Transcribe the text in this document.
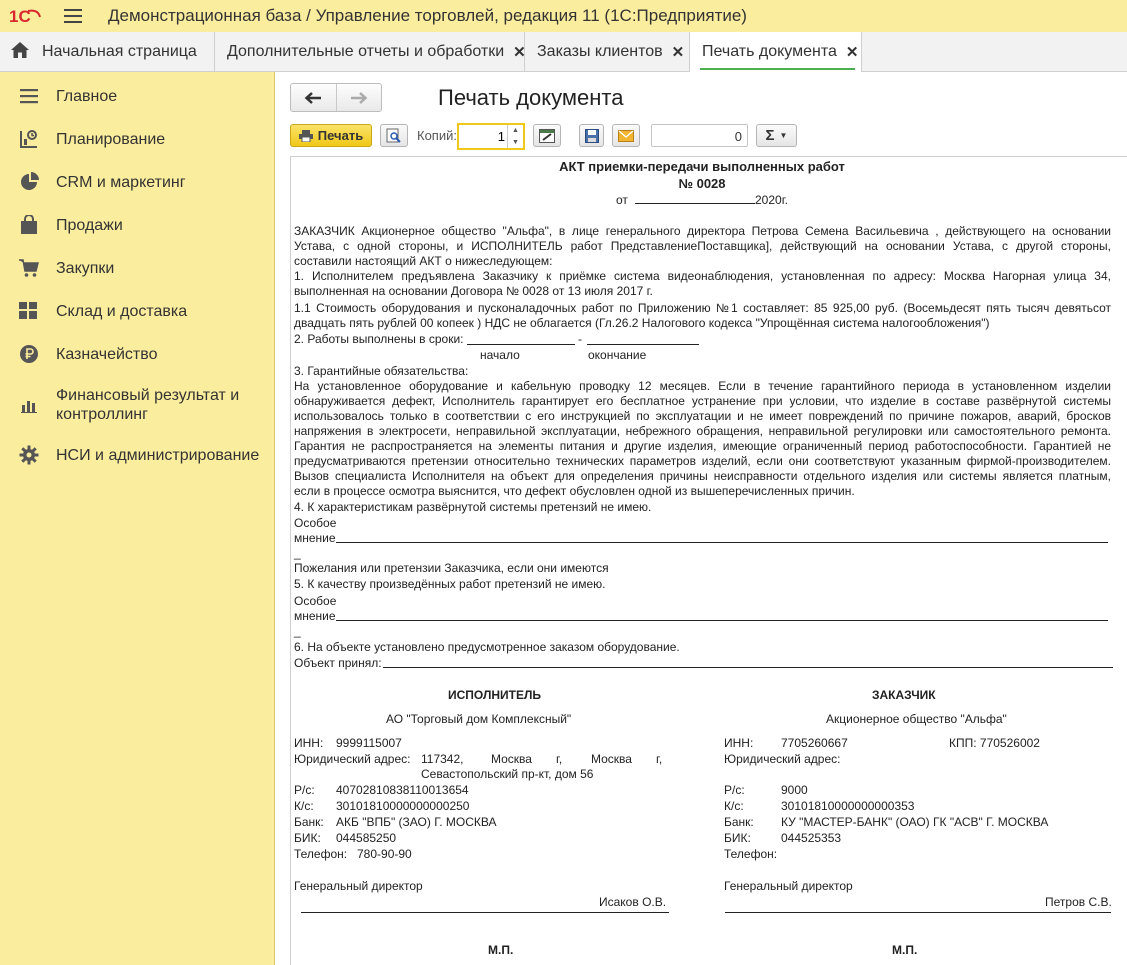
1С	Демонстрационная база / Управление торговлей, редакция 11 (1С:Предприятие)
Начальная страница Дополнительные отчеты и обработки ✕ Заказы клиентов ✕ Печать документа ✕
Главное
Планирование
CRM и маркетинг
Продажи
Закупки
Склад и доставка
Казначейство
Финансовый результат и
контроллинг
НСИ и администрирование
Печать документа
Печать	Копий:
1	▲
▼	0	Σ ▼
АКТ приемки-передачи выполненных работ
№ 0028
от	2020г.
ЗАКАЗЧИК Акционерное общество "Альфа", в лице генерального директора Петрова Семена Васильевича , действующего на основании
Устава, с одной стороны, и ИСПОЛНИТЕЛЬ работ ПредставлениеПоставщика], действующий на основании Устава, с другой стороны,
составили настоящий АКТ о нижеследующем:
1. Исполнителем предъявлена Заказчику к приёмке система видеонаблюдения, установленная по адресу: Москва Нагорная улица 34,
выполненная на основании Договора № 0028 от 13 июля 2017 г.
1.1 Стоимость оборудования и пусконаладочных работ по Приложению №1 составляет: 85 925,00 руб. (Восемьдесят пять тысяч девятьсот
двадцать пять рублей 00 копеек ) НДС не облагается (Гл.26.2 Налогового кодекса "Упрощённая система налогообложения")
2. Работы выполнены в сроки:	-
начало	окончание
3. Гарантийные обязательства:
На установленное оборудование и кабельную проводку 12 месяцев. Если в течение гарантийного периода в установленном изделии
обнаруживается дефект, Исполнитель гарантирует его бесплатное устранение при условии, что изделие в составе развёрнутой системы
использовалось только в соответствии с его инструкцией по эксплуатации и не имеет повреждений по причине пожаров, аварий, бросков
напряжения в электросети, неправильной эксплуатации, небрежного обращения, неправильной регулировки или самостоятельного ремонта.
Гарантия не распространяется на элементы питания и другие изделия, имеющие ограниченный период работоспособности. Гарантией не
предусматриваются претензии относительно технических параметров изделий, если они соответствуют указанным фирмой-производителем.
Вызов специалиста Исполнителя на объект для определения причины неисправности отдельного изделия или системы является платным,
если в процессе осмотра выяснится, что дефект обусловлен одной из вышеперечисленных причин.
4. К характеристикам развёрнутой системы претензий не имею.
Особое
мнение
_
Пожелания или претензии Заказчика, если они имеются
5. К качеству произведённых работ претензий не имею.
Особое
мнение
_
6. На объекте установлено предусмотренное заказом оборудование.
Объект принял:
ИСПОЛНИТЕЛЬ
АО "Торговый дом Комплексный"
ИНН: 9999115007
Юридический адрес: 117342, Москва г, Москва г,
Севастопольский пр-кт, дом 56
Р/с: 40702810838110013654
К/с: 30101810000000000250
Банк: АКБ "ВПБ" (ЗАО) Г. МОСКВА
БИК: 044585250
Телефон: 780-90-90
Генеральный директор
Исаков О.В.
М.П.
ЗАКАЗЧИК
Акционерное общество "Альфа"
ИНН: 7705260667	КПП: 770526002
Юридический адрес:
Р/с:	9000
К/с:	30101810000000000353
Банк: КУ "МАСТЕР-БАНК" (ОАО) ГК "АСВ" Г. МОСКВА
БИК:	044525353
Телефон:
Генеральный директор
Петров С.В.
М.П.
